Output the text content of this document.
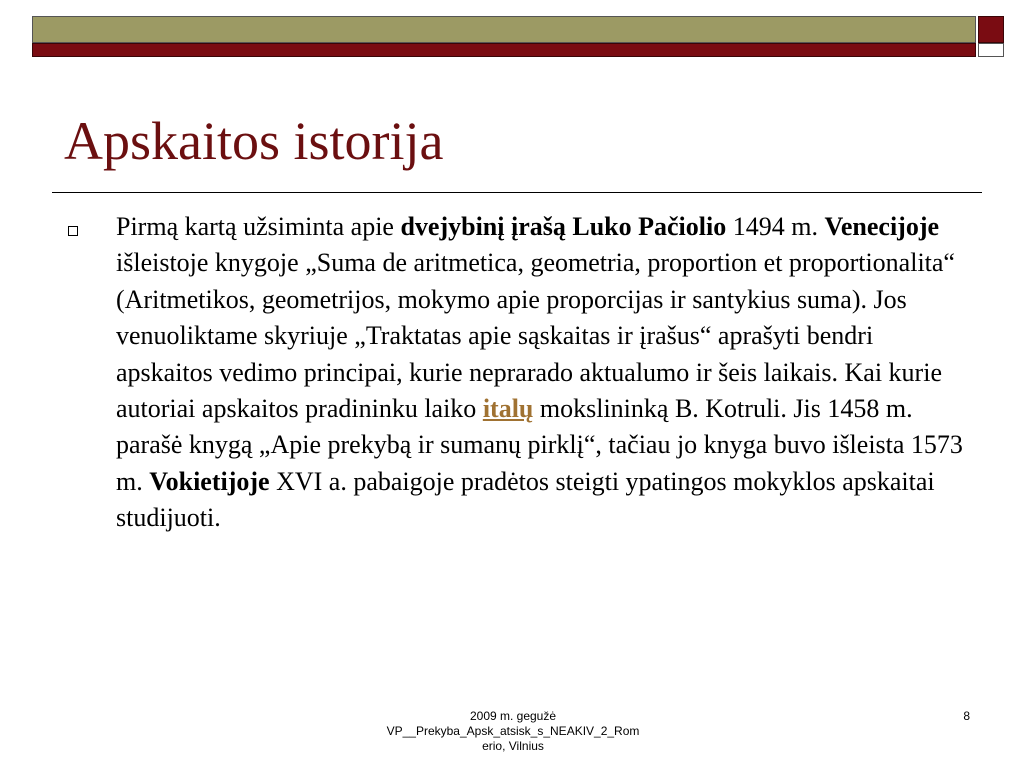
Apskaitos istorija

Pirmą kartą užsiminta apie dvejybinį įrašą Luko Pačiolio 1494 m. Venecijoje išleistoje knygoje „Suma de aritmetica, geometria, proportion et proportionalita“ (Aritmetikos, geometrijos, mokymo apie proporcijas ir santykius suma). Jos venuoliktame skyriuje „Traktatas apie sąskaitas ir įrašus“ aprašyti bendri apskaitos vedimo principai, kurie neprarado aktualumo ir šeis laikais. Kai kurie autoriai apskaitos pradininku laiko italų mokslininką B. Kotruli. Jis 1458 m. parašė knygą „Apie prekybą ir sumanų pirklį“, tačiau jo knyga buvo išleista 1573 m. Vokietijoje XVI a. pabaigoje pradėtos steigti ypatingos mokyklos apskaitai studijuoti.

2009 m. gegužė
VP__Prekyba_Apsk_atsisk_s_NEAKIV_2_Rom
erio, Vilnius
8
